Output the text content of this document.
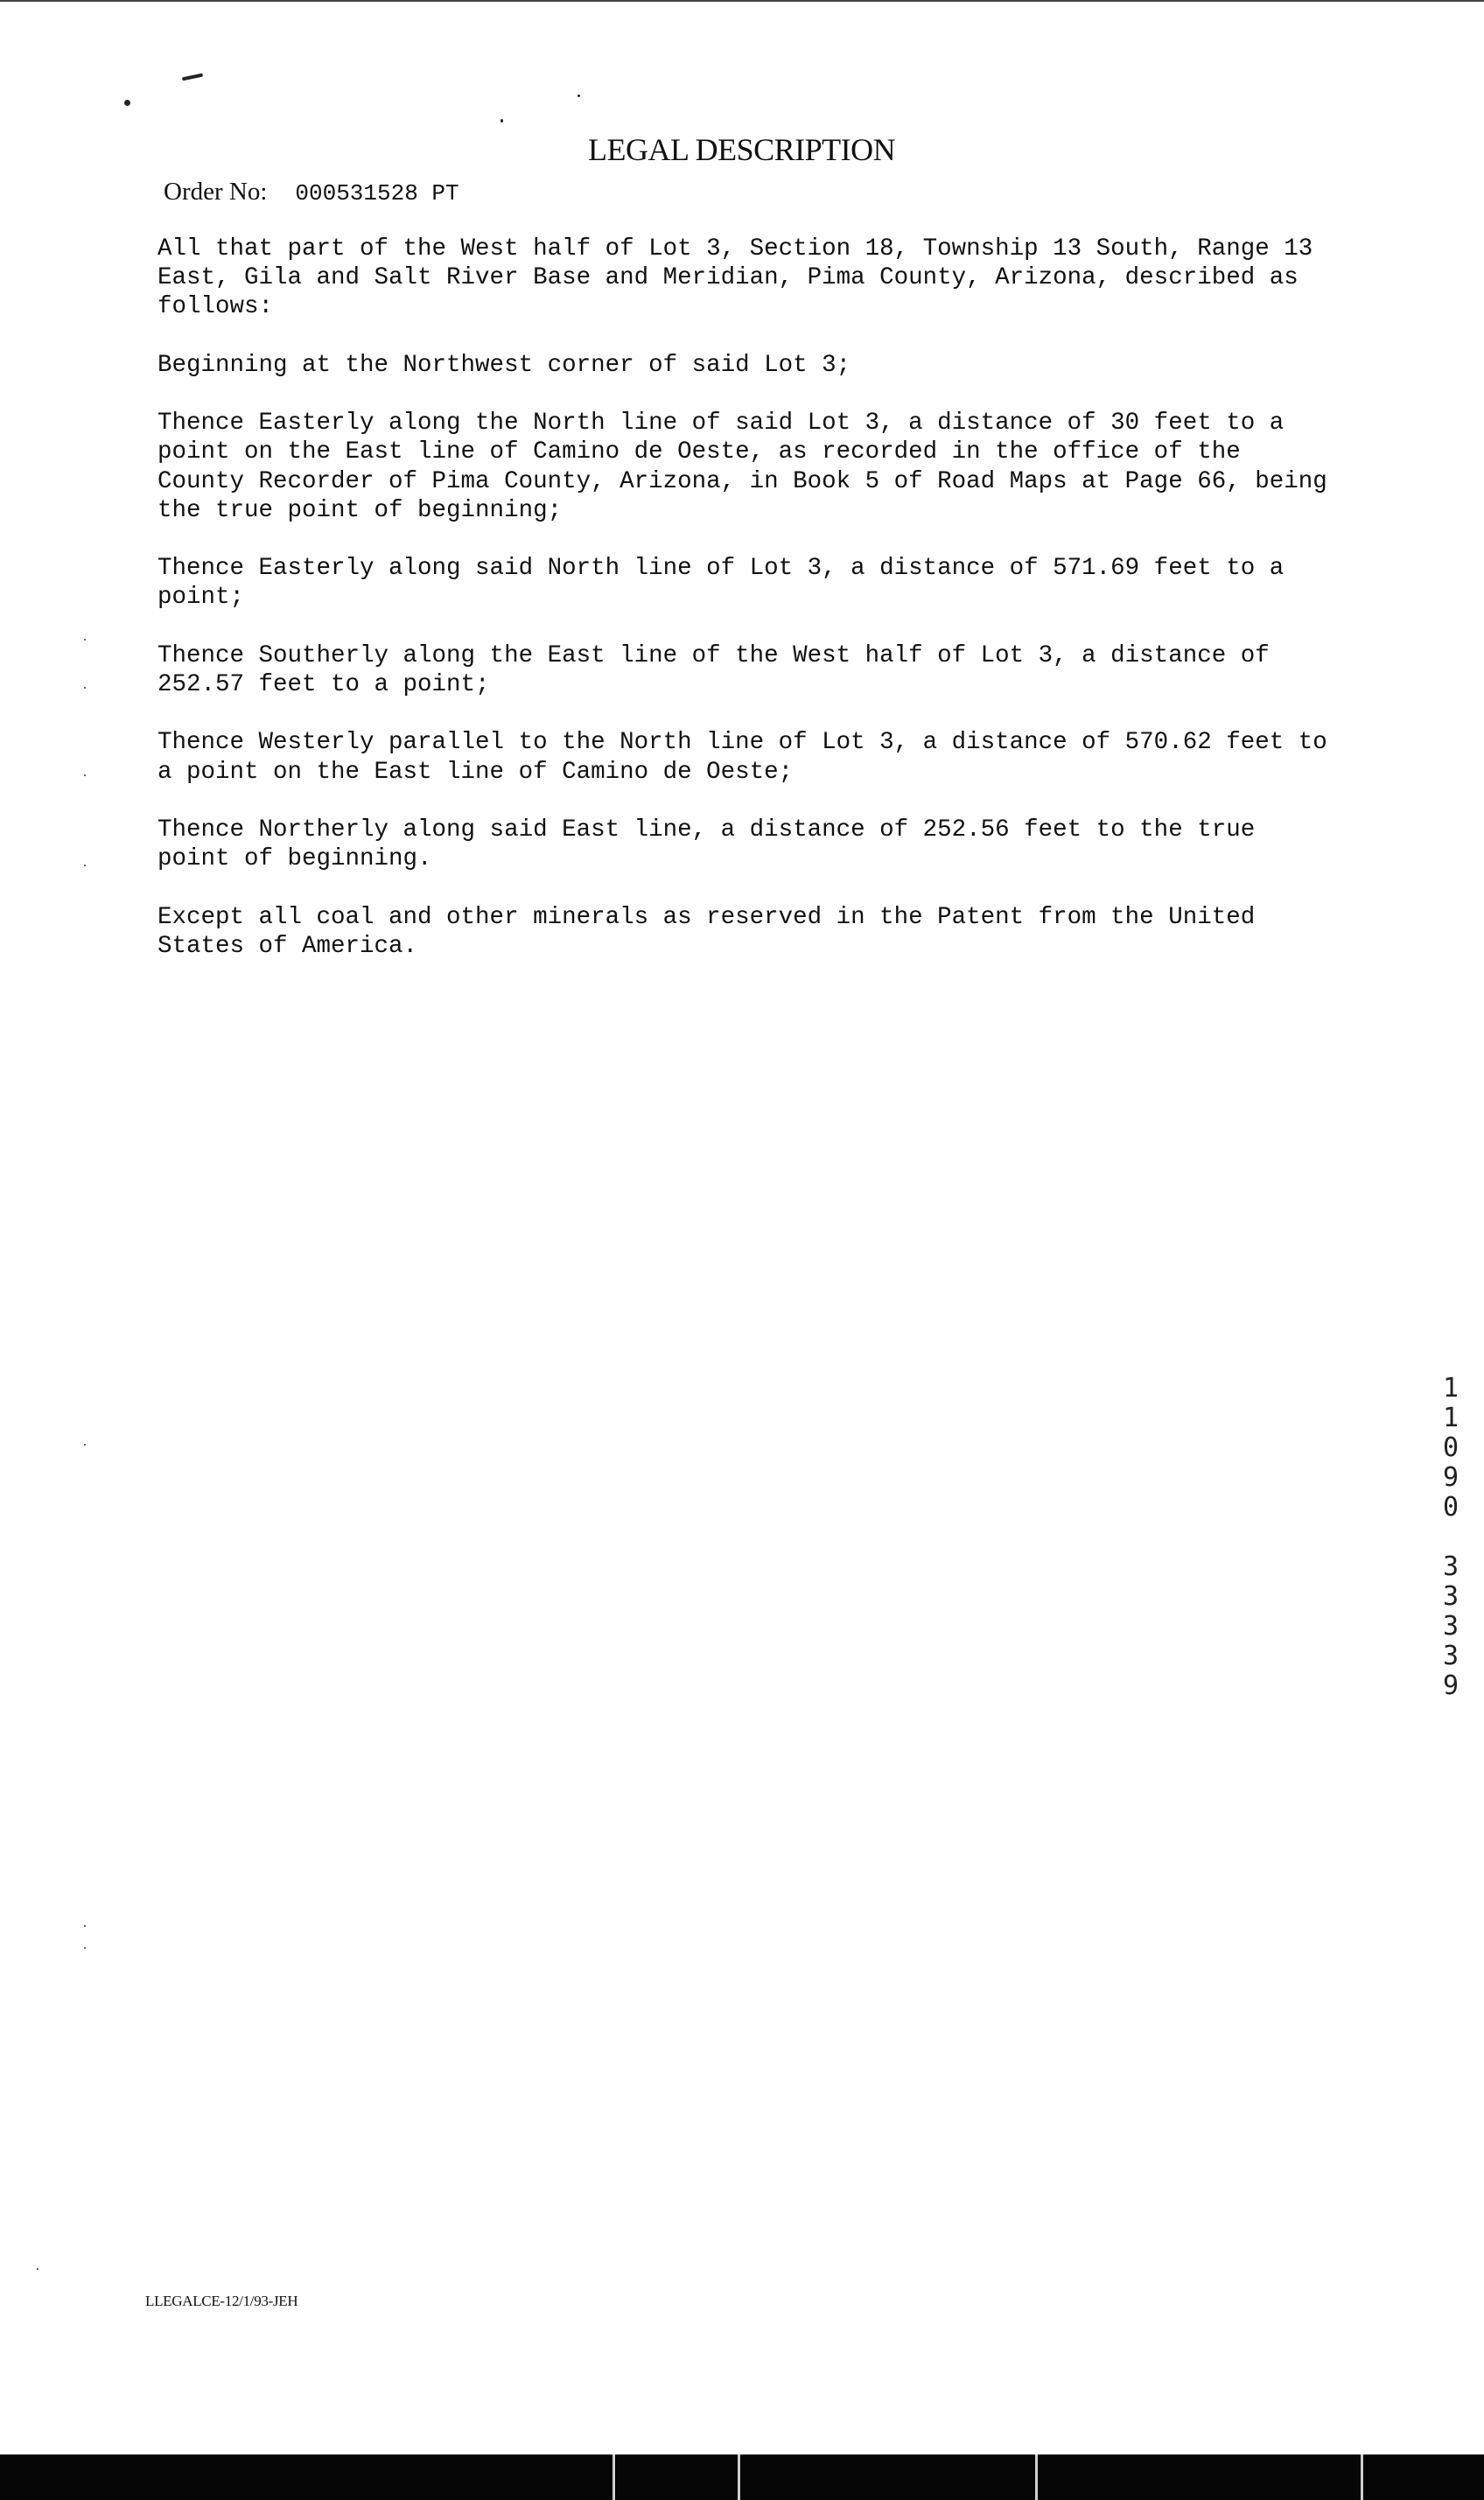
LEGAL DESCRIPTION
Order No: 000531528 PT

All that part of the West half of Lot 3, Section 18, Township 13 South, Range 13
East, Gila and Salt River Base and Meridian, Pima County, Arizona, described as
follows:

Beginning at the Northwest corner of said Lot 3;

Thence Easterly along the North line of said Lot 3, a distance of 30 feet to a
point on the East line of Camino de Oeste, as recorded in the office of the
County Recorder of Pima County, Arizona, in Book 5 of Road Maps at Page 66, being
the true point of beginning;

Thence Easterly along said North line of Lot 3, a distance of 571.69 feet to a
point;

Thence Southerly along the East line of the West half of Lot 3, a distance of
252.57 feet to a point;

Thence Westerly parallel to the North line of Lot 3, a distance of 570.62 feet to
a point on the East line of Camino de Oeste;

Thence Northerly along said East line, a distance of 252.56 feet to the true
point of beginning.

Except all coal and other minerals as reserved in the Patent from the United
States of America.

1
1
0
9
0
3
3
3
3
9
LLEGALCE-12/1/93-JEH
